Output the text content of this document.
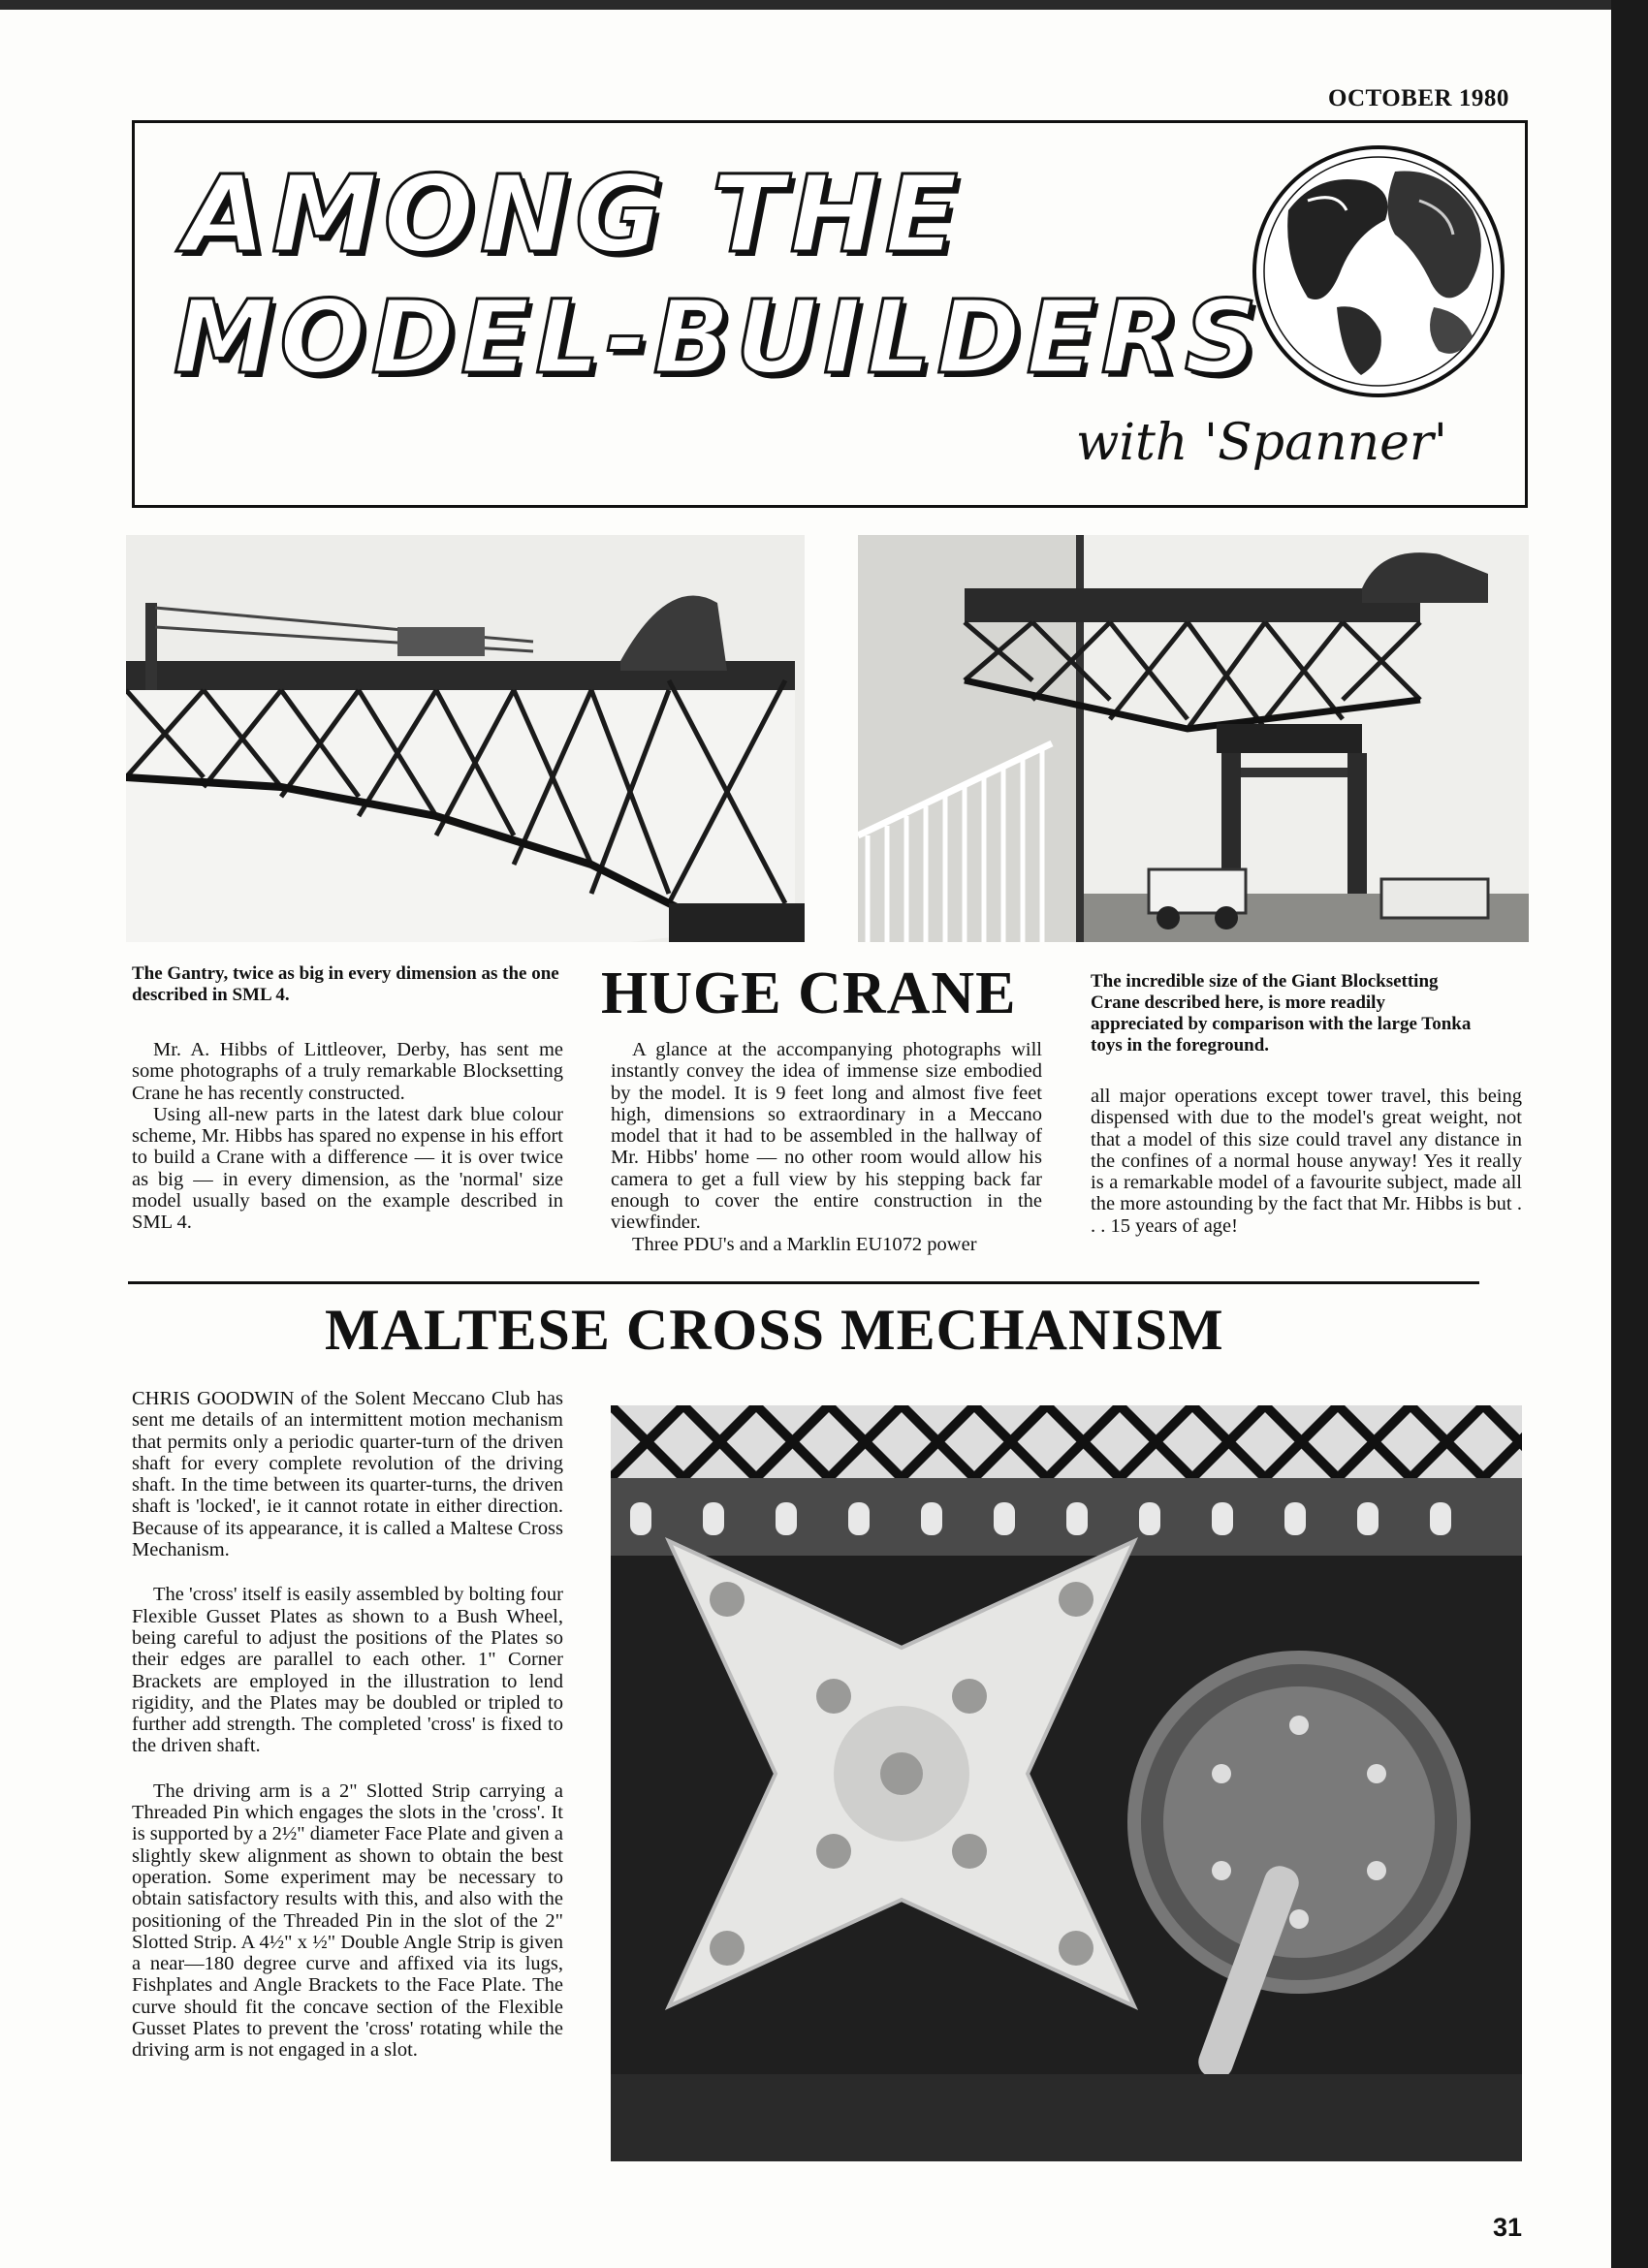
OCTOBER 1980
AMONG THE
MODEL-BUILDERS
with 'Spanner'
The Gantry, twice as big in every dimension as the one described in SML 4.	HUGE CRANE	The incredible size of the Giant Blocksetting Crane described here, is more readily appreciated by comparison with the large Tonka toys in the foreground.

Mr. A. Hibbs of Littleover, Derby, has sent me some photographs of a truly remarkable Blocksetting Crane he has recently constructed.

Using all-new parts in the latest dark blue colour scheme, Mr. Hibbs has spared no expense in his effort to build a Crane with a difference — it is over twice as big — in every dimension, as the 'normal' size model usually based on the example described in SML 4.

A glance at the accompanying photographs will instantly convey the idea of immense size embodied by the model. It is 9 feet long and almost five feet high, dimensions so extraordinary in a Meccano model that it had to be assembled in the hallway of Mr. Hibbs' home — no other room would allow his camera to get a full view by his stepping back far enough to cover the entire construction in the viewfinder.

Three PDU's and a Marklin EU1072 power

all major operations except tower travel, this being dispensed with due to the model's great weight, not that a model of this size could travel any distance in the confines of a normal house anyway! Yes it really is a remarkable model of a favourite subject, made all the more astounding by the fact that Mr. Hibbs is but . . . 15 years of age!

MALTESE CROSS MECHANISM

CHRIS GOODWIN of the Solent Meccano Club has sent me details of an intermittent motion mechanism that permits only a periodic quarter-turn of the driven shaft for every complete revolution of the driving shaft. In the time between its quarter-turns, the driven shaft is 'locked', ie it cannot rotate in either direction. Because of its appearance, it is called a Maltese Cross Mechanism.

The 'cross' itself is easily assembled by bolting four Flexible Gusset Plates as shown to a Bush Wheel, being careful to adjust the positions of the Plates so their edges are parallel to each other. 1" Corner Brackets are employed in the illustration to lend rigidity, and the Plates may be doubled or tripled to further add strength. The completed 'cross' is fixed to the driven shaft.

The driving arm is a 2" Slotted Strip carrying a Threaded Pin which engages the slots in the 'cross'. It is supported by a 2½" diameter Face Plate and given a slightly skew alignment as shown to obtain the best operation. Some experiment may be necessary to obtain satisfactory results with this, and also with the positioning of the Threaded Pin in the slot of the 2" Slotted Strip. A 4½" x ½" Double Angle Strip is given a near—180 degree curve and affixed via its lugs, Fishplates and Angle Brackets to the Face Plate. The curve should fit the concave section of the Flexible Gusset Plates to prevent the 'cross' rotating while the driving arm is not engaged in a slot.

31
